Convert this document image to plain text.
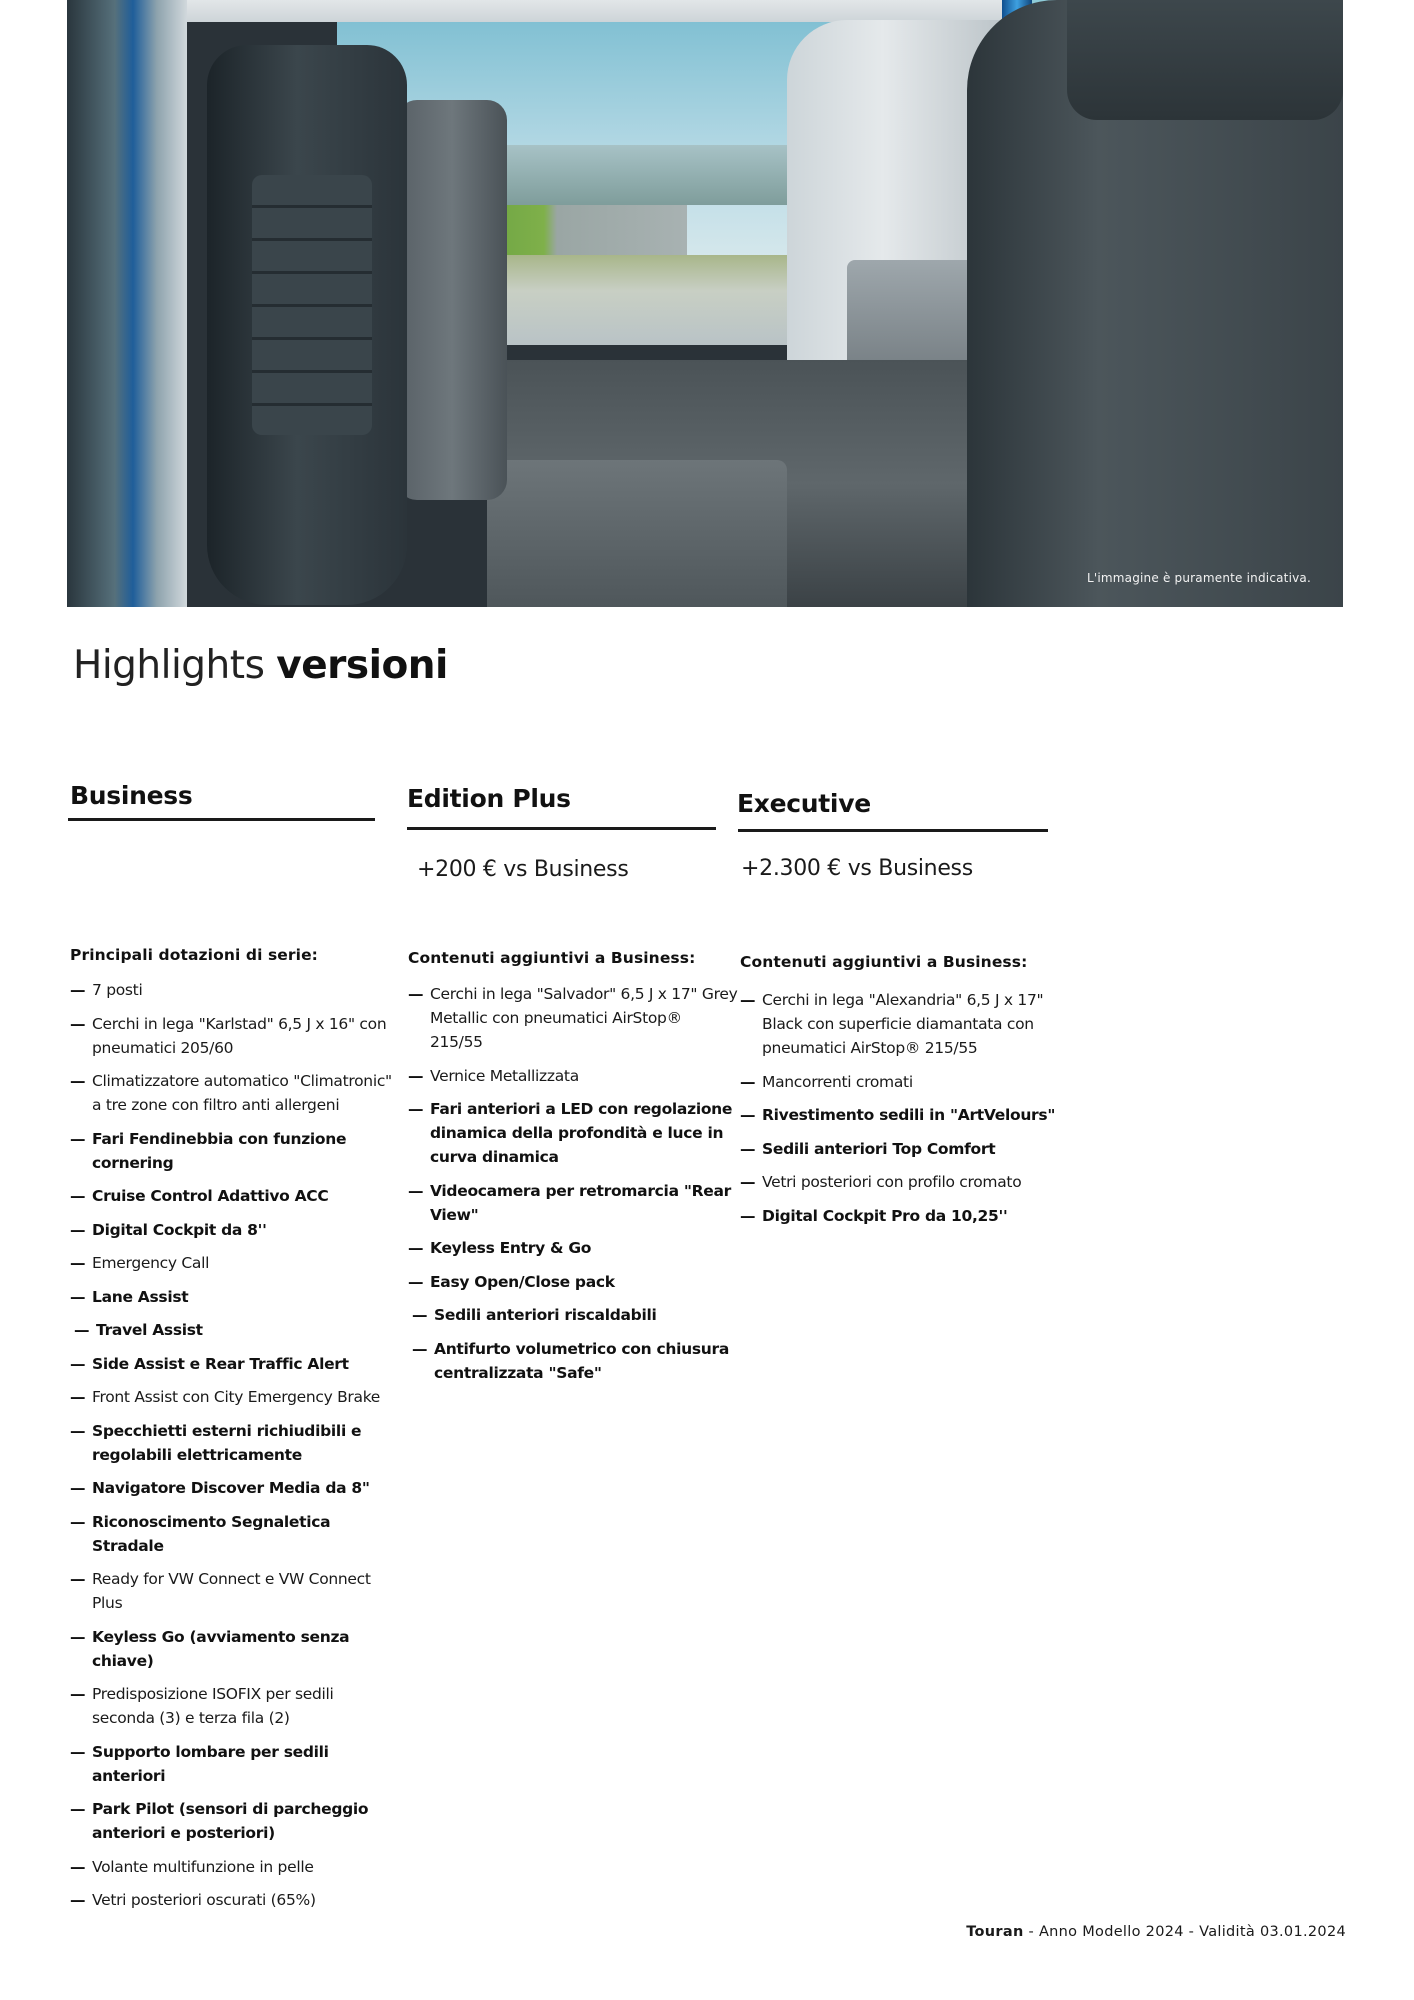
L'immagine è puramente indicativa.
Highlights versioni
Business	Edition Plus
+200 € vs Business
Executive
+2.300 € vs Business
Principali dotazioni di serie:
— 7 posti
— Cerchi in lega "Karlstad" 6,5 J x 16" con pneumatici 205/60
— Climatizzatore automatico "Climatronic" a tre zone con filtro anti allergeni
— Fari Fendinebbia con funzione cornering
— Cruise Control Adattivo ACC
— Digital Cockpit da 8''
— Emergency Call
— Lane Assist
— Travel Assist
— Side Assist e Rear Traffic Alert
— Front Assist con City Emergency Brake
— Specchietti esterni richiudibili e regolabili elettricamente
— Navigatore Discover Media da 8"
— Riconoscimento Segnaletica Stradale
— Ready for VW Connect e VW Connect Plus
— Keyless Go (avviamento senza chiave)
— Predisposizione ISOFIX per sedili seconda (3) e terza fila (2)
— Supporto lombare per sedili anteriori
— Park Pilot (sensori di parcheggio anteriori e posteriori)
— Volante multifunzione in pelle
— Vetri posteriori oscurati (65%)
Contenuti aggiuntivi a Business:
— Cerchi in lega "Salvador" 6,5 J x 17" Grey Metallic con pneumatici AirStop® 215/55
— Vernice Metallizzata
— Fari anteriori a LED con regolazione dinamica della profondità e luce in curva dinamica
— Videocamera per retromarcia "Rear View"
— Keyless Entry & Go
— Easy Open/Close pack
— Sedili anteriori riscaldabili
— Antifurto volumetrico con chiusura centralizzata "Safe"
Contenuti aggiuntivi a Business:
— Cerchi in lega "Alexandria" 6,5 J x 17" Black con superficie diamantata con pneumatici AirStop® 215/55
— Mancorrenti cromati
— Rivestimento sedili in "ArtVelours"
— Sedili anteriori Top Comfort
— Vetri posteriori con profilo cromato
— Digital Cockpit Pro da 10,25''
Touran - Anno Modello 2024 - Validità 03.01.2024
